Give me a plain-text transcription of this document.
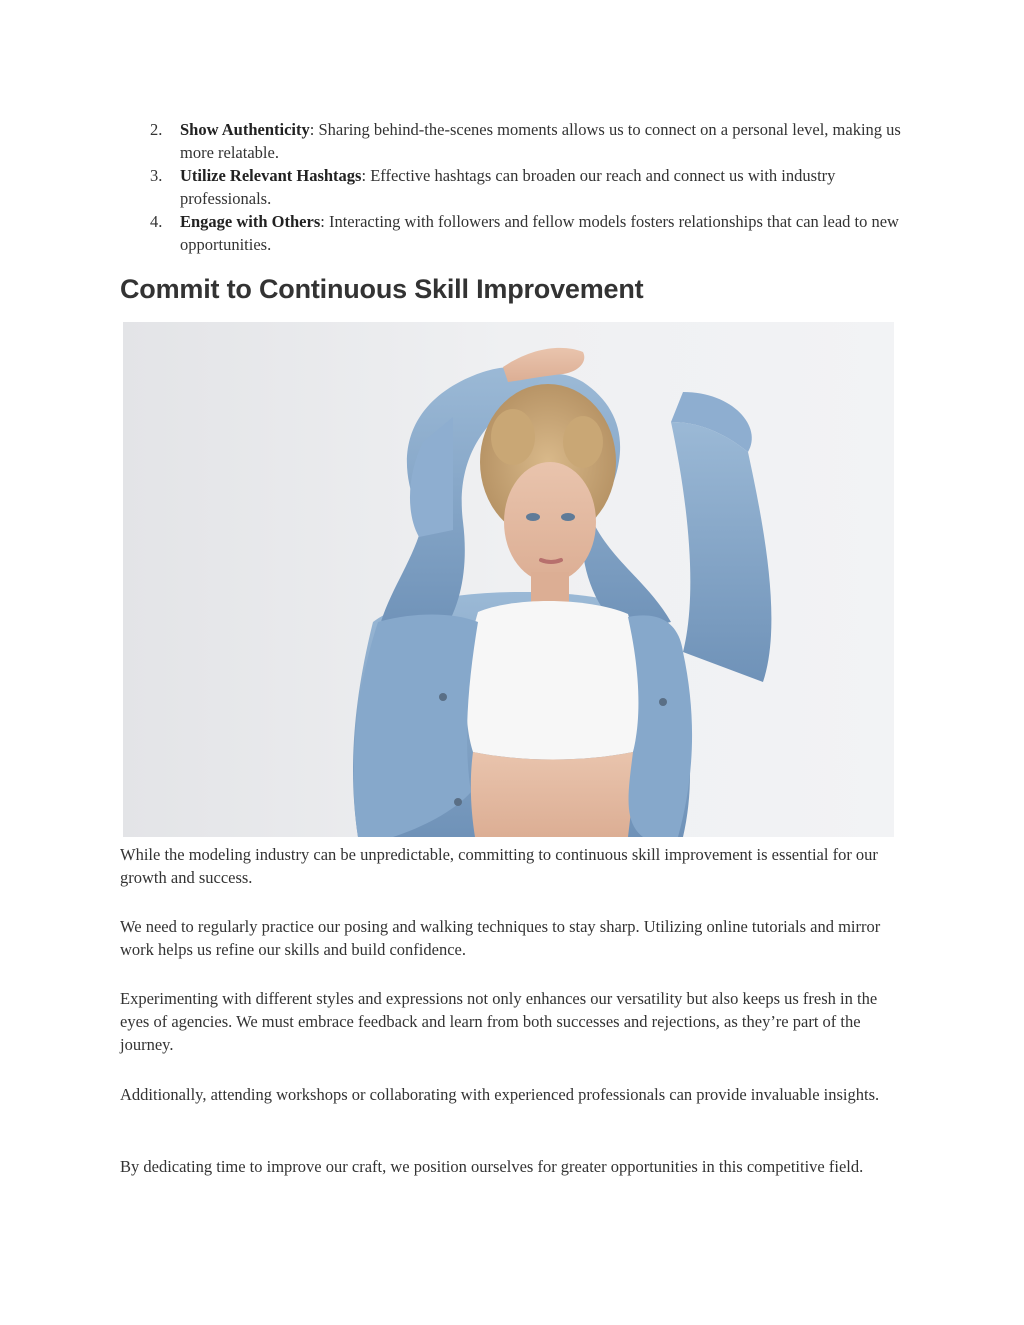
2. Show Authenticity: Sharing behind-the-scenes moments allows us to connect on a personal level, making us more relatable.
3. Utilize Relevant Hashtags: Effective hashtags can broaden our reach and connect us with industry professionals.
4. Engage with Others: Interacting with followers and fellow models fosters relationships that can lead to new opportunities.
Commit to Continuous Skill Improvement

While the modeling industry can be unpredictable, committing to continuous skill improvement is essential for our growth and success.

We need to regularly practice our posing and walking techniques to stay sharp. Utilizing online tutorials and mirror work helps us refine our skills and build confidence.

Experimenting with different styles and expressions not only enhances our versatility but also keeps us fresh in the eyes of agencies. We must embrace feedback and learn from both successes and rejections, as they’re part of the journey.

Additionally, attending workshops or collaborating with experienced professionals can provide invaluable insights.

By dedicating time to improve our craft, we position ourselves for greater opportunities in this competitive field.
